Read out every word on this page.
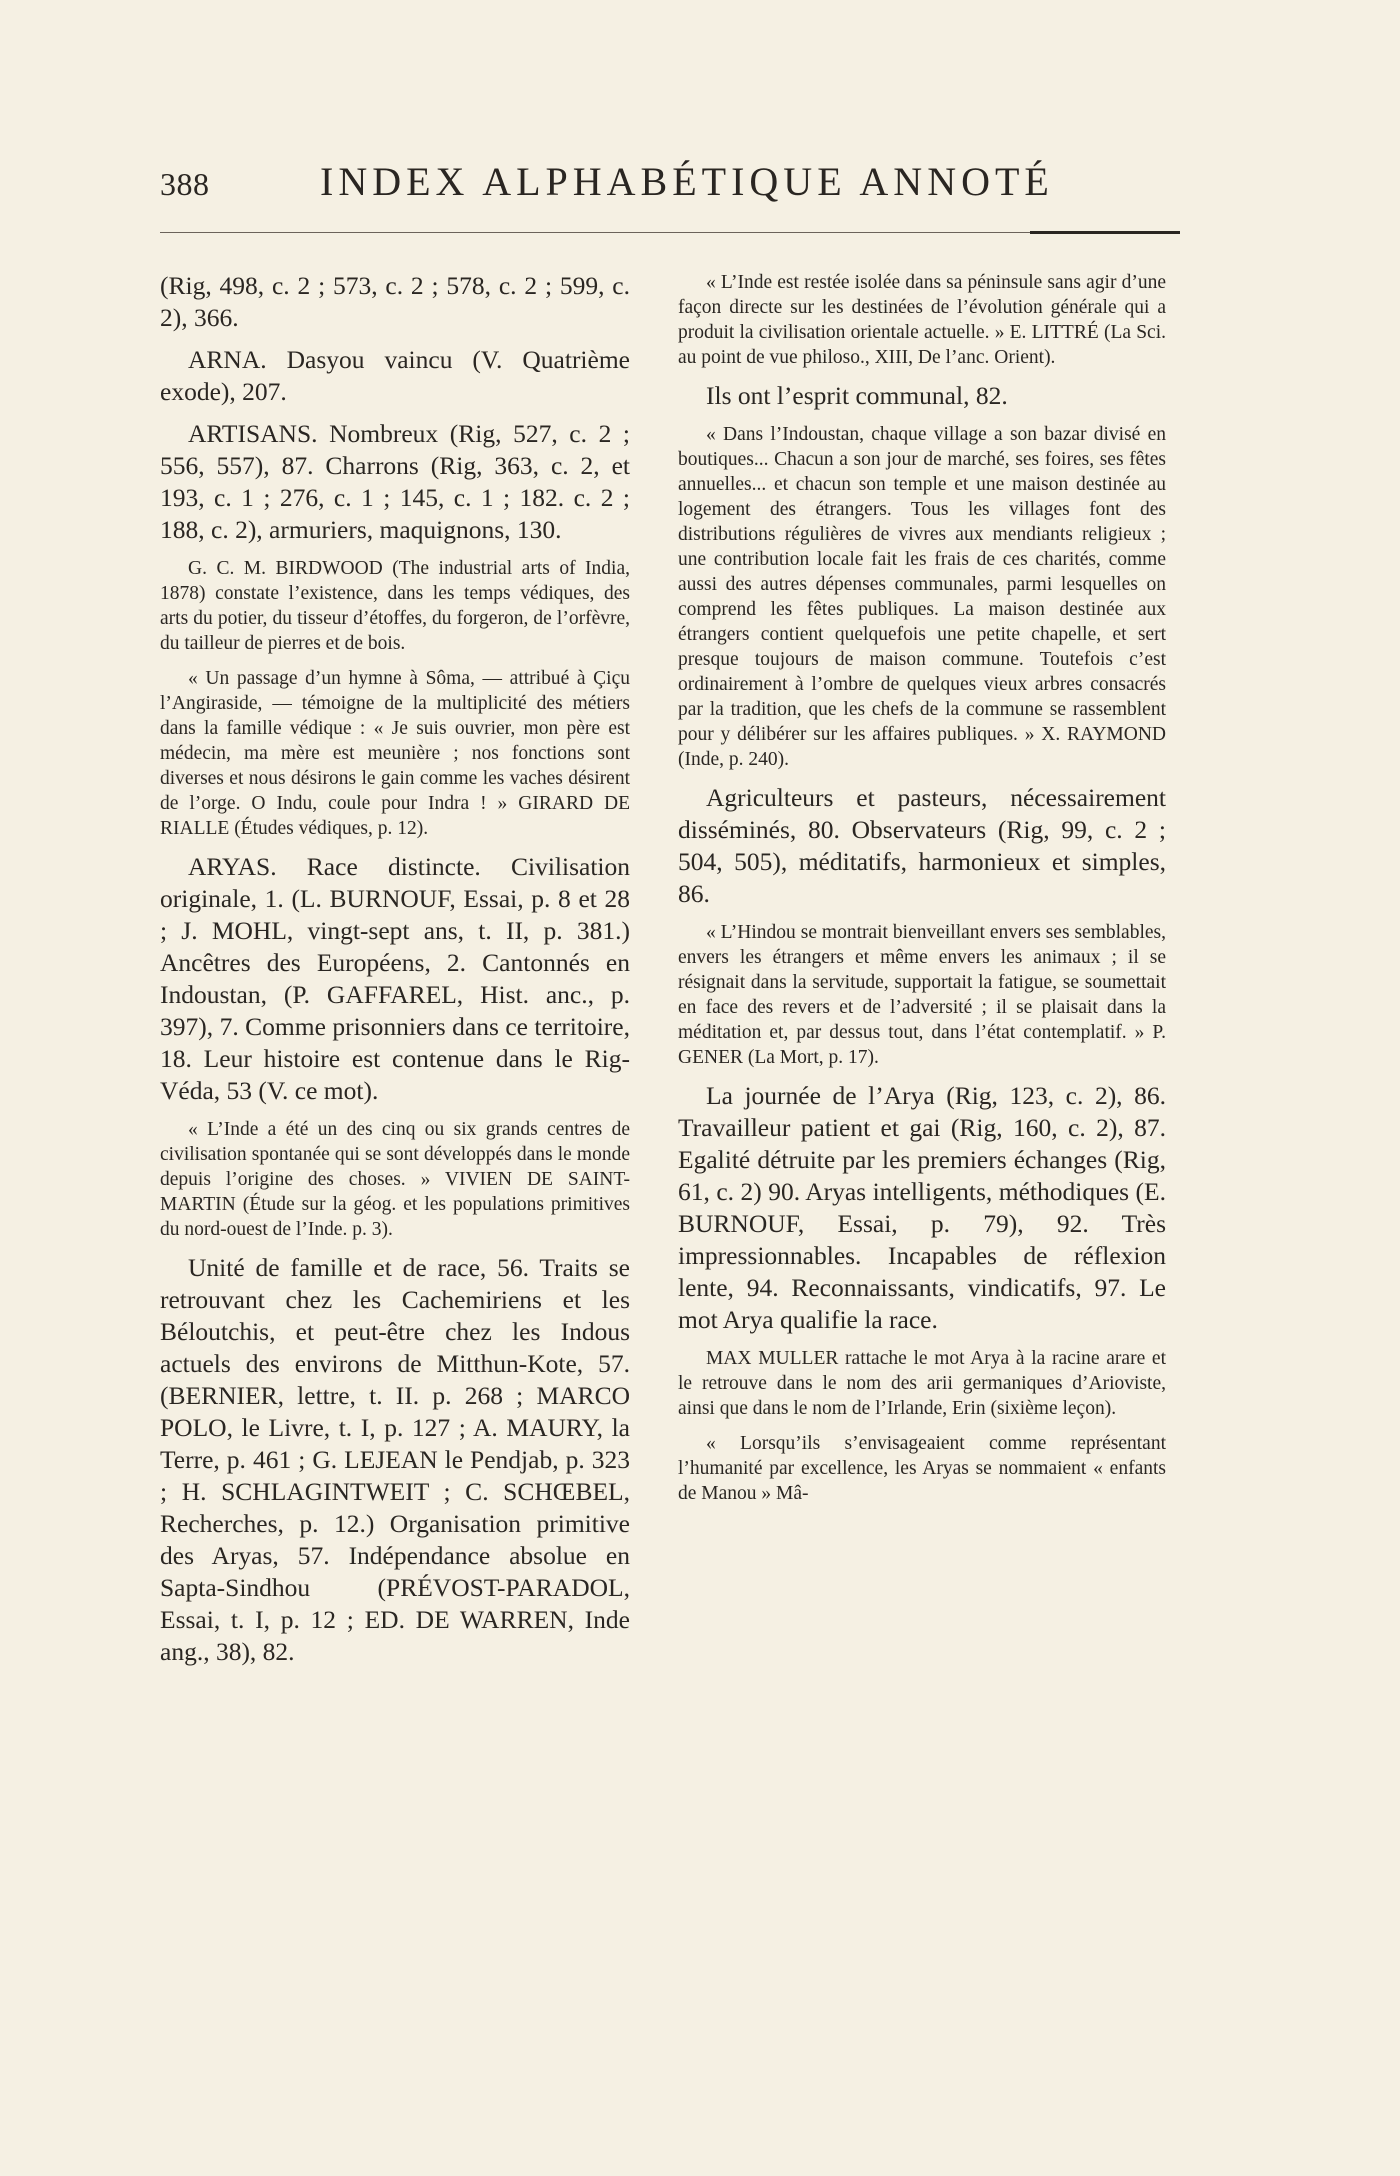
388	INDEX ALPHABÉTIQUE ANNOTÉ

(Rig, 498, c. 2 ; 573, c. 2 ; 578, c. 2 ; 599, c. 2), 366.

ARNA. Dasyou vaincu (V. Quatrième exode), 207.

ARTISANS. Nombreux (Rig, 527, c. 2 ; 556, 557), 87. Charrons (Rig, 363, c. 2, et 193, c. 1 ; 276, c. 1 ; 145, c. 1 ; 182. c. 2 ; 188, c. 2), armuriers, maquignons, 130.

G. C. M. BIRDWOOD (The industrial arts of India, 1878) constate l’existence, dans les temps védiques, des arts du potier, du tisseur d’étoffes, du forgeron, de l’orfèvre, du tailleur de pierres et de bois.

« Un passage d’un hymne à Sôma, — attribué à Çiçu l’Angiraside, — témoigne de la multiplicité des métiers dans la famille védique : « Je suis ouvrier, mon père est médecin, ma mère est meunière ; nos fonctions sont diverses et nous désirons le gain comme les vaches désirent de l’orge. O Indu, coule pour Indra ! » GIRARD DE RIALLE (Études védiques, p. 12).

ARYAS. Race distincte. Civilisation originale, 1. (L. BURNOUF, Essai, p. 8 et 28 ; J. MOHL, vingt-sept ans, t. II, p. 381.) Ancêtres des Européens, 2. Cantonnés en Indoustan, (P. GAFFAREL, Hist. anc., p. 397), 7. Comme prisonniers dans ce territoire, 18. Leur histoire est contenue dans le Rig-Véda, 53 (V. ce mot).

« L’Inde a été un des cinq ou six grands centres de civilisation spontanée qui se sont développés dans le monde depuis l’origine des choses. » VIVIEN DE SAINT-MARTIN (Étude sur la géog. et les populations primitives du nord-ouest de l’Inde. p. 3).

Unité de famille et de race, 56. Traits se retrouvant chez les Cachemiriens et les Béloutchis, et peut-être chez les Indous actuels des environs de Mitthun-Kote, 57. (BERNIER, lettre, t. II. p. 268 ; MARCO POLO, le Livre, t. I, p. 127 ; A. MAURY, la Terre, p. 461 ; G. LEJEAN le Pendjab, p. 323 ; H. SCHLAGINTWEIT ; C. SCHŒBEL, Recherches, p. 12.) Organisation primitive des Aryas, 57. Indépendance absolue en Sapta-Sindhou (PRÉVOST-PARADOL, Essai, t. I, p. 12 ; ED. DE WARREN, Inde ang., 38), 82.

« L’Inde est restée isolée dans sa péninsule sans agir d’une façon directe sur les destinées de l’évolution générale qui a produit la civilisation orientale actuelle. » E. LITTRÉ (La Sci. au point de vue philoso., XIII, De l’anc. Orient).

Ils ont l’esprit communal, 82.

« Dans l’Indoustan, chaque village a son bazar divisé en boutiques... Chacun a son jour de marché, ses foires, ses fêtes annuelles... et chacun son temple et une maison destinée au logement des étrangers. Tous les villages font des distributions régulières de vivres aux mendiants religieux ; une contribution locale fait les frais de ces charités, comme aussi des autres dépenses communales, parmi lesquelles on comprend les fêtes publiques. La maison destinée aux étrangers contient quelquefois une petite chapelle, et sert presque toujours de maison commune. Toutefois c’est ordinairement à l’ombre de quelques vieux arbres consacrés par la tradition, que les chefs de la commune se rassemblent pour y délibérer sur les affaires publiques. » X. RAYMOND (Inde, p. 240).

Agriculteurs et pasteurs, nécessairement disséminés, 80. Observateurs (Rig, 99, c. 2 ; 504, 505), méditatifs, harmonieux et simples, 86.

« L’Hindou se montrait bienveillant envers ses semblables, envers les étrangers et même envers les animaux ; il se résignait dans la servitude, supportait la fatigue, se soumettait en face des revers et de l’adversité ; il se plaisait dans la méditation et, par dessus tout, dans l’état contemplatif. » P. GENER (La Mort, p. 17).

La journée de l’Arya (Rig, 123, c. 2), 86. Travailleur patient et gai (Rig, 160, c. 2), 87. Egalité détruite par les premiers échanges (Rig, 61, c. 2) 90. Aryas intelligents, méthodiques (E. BURNOUF, Essai, p. 79), 92. Très impressionnables. Incapables de réflexion lente, 94. Reconnaissants, vindicatifs, 97. Le mot Arya qualifie la race.

MAX MULLER rattache le mot Arya à la racine arare et le retrouve dans le nom des arii germaniques d’Arioviste, ainsi que dans le nom de l’Irlande, Erin (sixième leçon).

« Lorsqu’ils s’envisageaient comme représentant l’humanité par excellence, les Aryas se nommaient « enfants de Manou » Mâ-
